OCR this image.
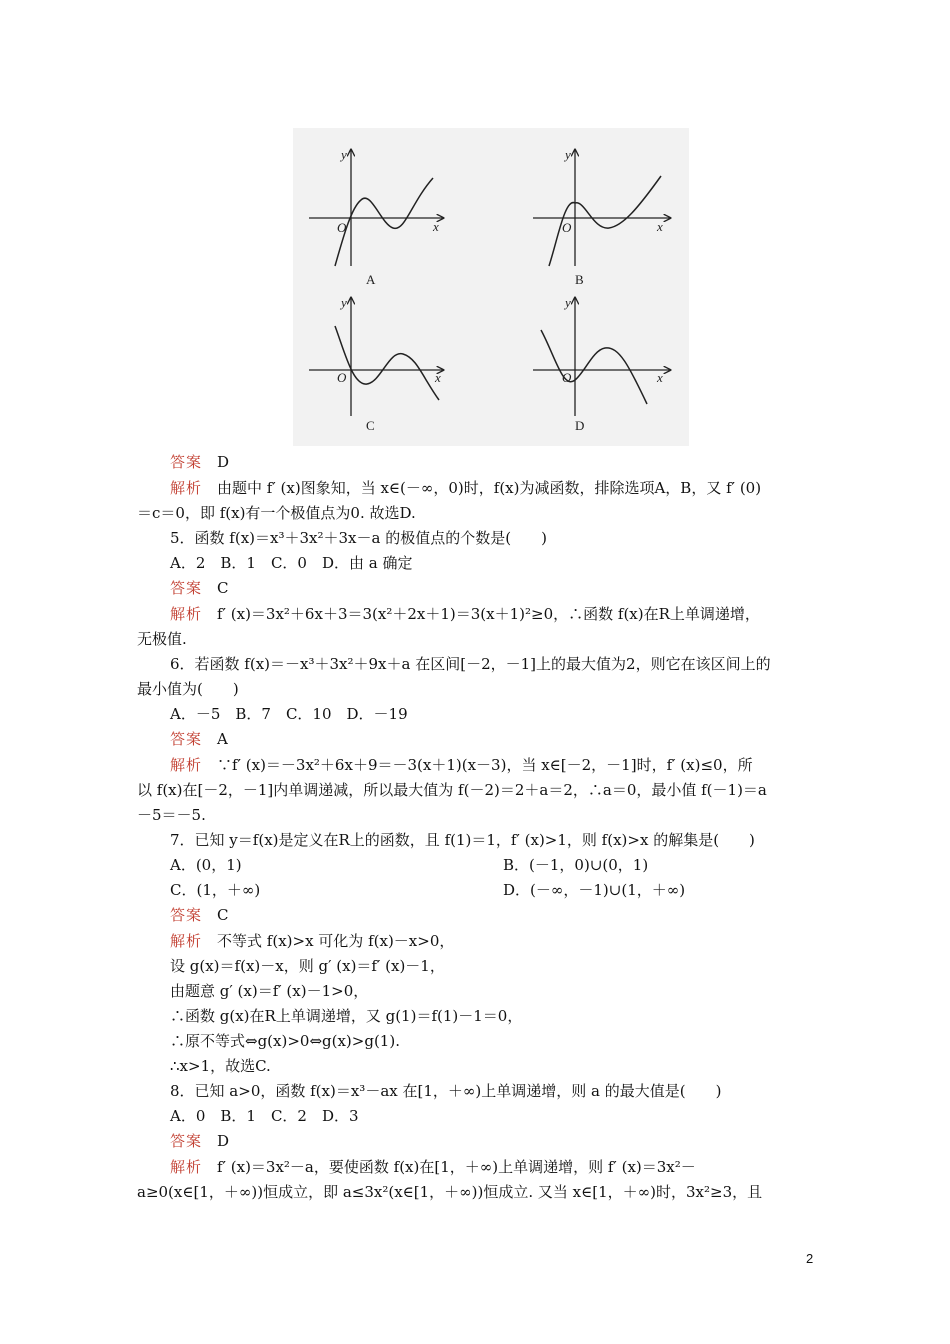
y
x
O
A
y
x
O
B
y
x
O
C
y
x
O
D
答案　 D
解析　 由题中 f′ (x)图象知，当 x∈(－∞，0)时，f(x)为减函数，排除选项A，B，又 f′ (0)
＝c＝0，即 f(x)有一个极值点为0. 故选D.
5．函数 f(x)＝x³＋3x²＋3x－a 的极值点的个数是(　　)
A．2　B．1　C．0　D．由 a 确定
答案　 C
解析　 f′ (x)＝3x²＋6x＋3＝3(x²＋2x＋1)＝3(x＋1)²≥0，∴函数 f(x)在R上单调递增，
无极值.
6．若函数 f(x)＝－x³＋3x²＋9x＋a 在区间[－2，－1]上的最大值为2，则它在该区间上的
最小值为(　　)
A．－5　B．7　C．10　D．－19
答案　 A
解析　 ∵f′ (x)＝－3x²＋6x＋9＝－3(x＋1)(x－3)，当 x∈[－2，－1]时，f′ (x)≤0，所
以 f(x)在[－2，－1]内单调递减，所以最大值为 f(－2)＝2＋a＝2，∴a＝0，最小值 f(－1)＝a
－5＝－5.
7．已知 y＝f(x)是定义在R上的函数，且 f(1)＝1，f′ (x)>1，则 f(x)>x 的解集是(　　)
A．(0，1)	B．(－1，0)∪(0，1)
C．(1，＋∞)	D．(－∞，－1)∪(1，＋∞)
答案　 C
解析　 不等式 f(x)>x 可化为 f(x)－x>0，
设 g(x)＝f(x)－x，则 g′ (x)＝f′ (x)－1，
由题意 g′ (x)＝f′ (x)－1>0，
∴函数 g(x)在R上单调递增，又 g(1)＝f(1)－1＝0，
∴原不等式⇔g(x)>0⇔g(x)>g(1).
∴x>1，故选C.
8．已知 a>0，函数 f(x)＝x³－ax 在[1，＋∞)上单调递增，则 a 的最大值是(　　)
A．0　B．1　C．2　D．3
答案　 D
解析　 f′ (x)＝3x²－a，要使函数 f(x)在[1，＋∞)上单调递增，则 f′ (x)＝3x²－
a≥0(x∈[1，＋∞))恒成立，即 a≤3x²(x∈[1，＋∞))恒成立. 又当 x∈[1，＋∞)时，3x²≥3，且
2
